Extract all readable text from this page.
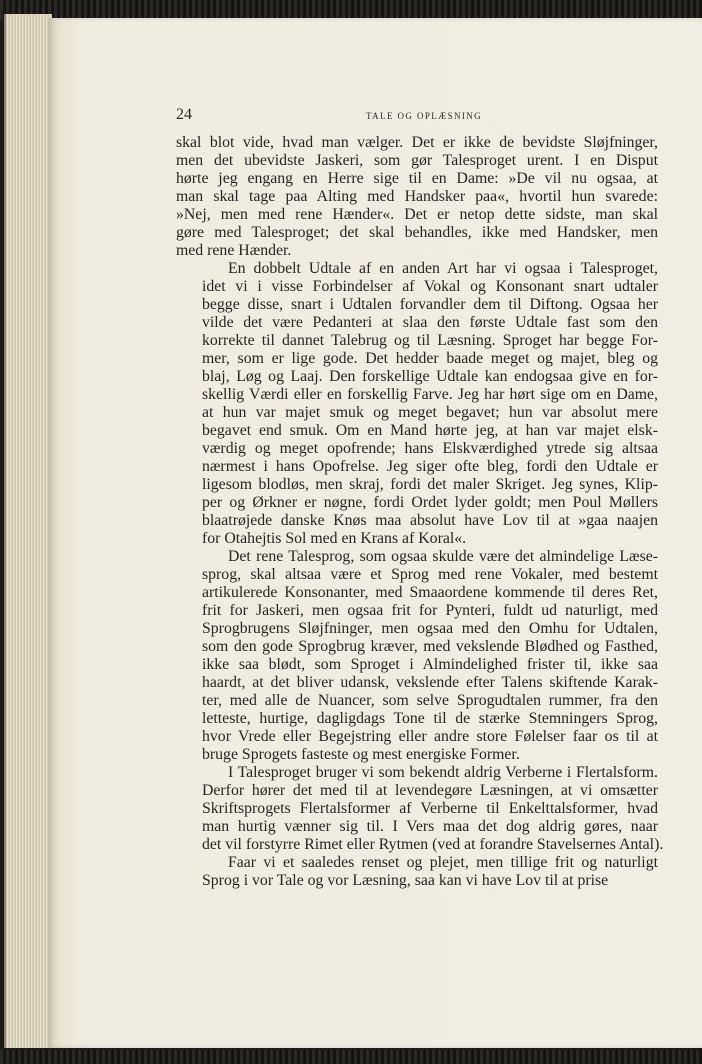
24	TALE OG OPLÆSNING

skal blot vide, hvad man vælger. Det er ikke de bevidste Sløjfninger,
men det ubevidste Jaskeri, som gør Talesproget urent. I en Disput
hørte jeg engang en Herre sige til en Dame: »De vil nu ogsaa, at
man skal tage paa Alting med Handsker paa«, hvortil hun svarede:
»Nej, men med rene Hænder«. Det er netop dette sidste, man skal
gøre med Talesproget; det skal behandles, ikke med Handsker, men
med rene Hænder.

En dobbelt Udtale af en anden Art har vi ogsaa i Talesproget,
idet vi i visse Forbindelser af Vokal og Konsonant snart udtaler
begge disse, snart i Udtalen forvandler dem til Diftong. Ogsaa her
vilde det være Pedanteri at slaa den første Udtale fast som den
korrekte til dannet Talebrug og til Læsning. Sproget har begge For-
mer, som er lige gode. Det hedder baade meget og majet, bleg og
blaj, Løg og Laaj. Den forskellige Udtale kan endogsaa give en for-
skellig Værdi eller en forskellig Farve. Jeg har hørt sige om en Dame,
at hun var majet smuk og meget begavet; hun var absolut mere
begavet end smuk. Om en Mand hørte jeg, at han var majet elsk-
værdig og meget opofrende; hans Elskværdighed ytrede sig altsaa
nærmest i hans Opofrelse. Jeg siger ofte bleg, fordi den Udtale er
ligesom blodløs, men skraj, fordi det maler Skriget. Jeg synes, Klip-
per og Ørkner er nøgne, fordi Ordet lyder goldt; men Poul Møllers
blaatrøjede danske Knøs maa absolut have Lov til at »gaa naajen
for Otahejtis Sol med en Krans af Koral«.

Det rene Talesprog, som ogsaa skulde være det almindelige Læse-
sprog, skal altsaa være et Sprog med rene Vokaler, med bestemt
artikulerede Konsonanter, med Smaaordene kommende til deres Ret,
frit for Jaskeri, men ogsaa frit for Pynteri, fuldt ud naturligt, med
Sprogbrugens Sløjfninger, men ogsaa med den Omhu for Udtalen,
som den gode Sprogbrug kræver, med vekslende Blødhed og Fasthed,
ikke saa blødt, som Sproget i Almindelighed frister til, ikke saa
haardt, at det bliver udansk, vekslende efter Talens skiftende Karak-
ter, med alle de Nuancer, som selve Sprogudtalen rummer, fra den
letteste, hurtige, dagligdags Tone til de stærke Stemningers Sprog,
hvor Vrede eller Begejstring eller andre store Følelser faar os til at
bruge Sprogets fasteste og mest energiske Former.

I Talesproget bruger vi som bekendt aldrig Verberne i Flertalsform.
Derfor hører det med til at levendegøre Læsningen, at vi omsætter
Skriftsprogets Flertalsformer af Verberne til Enkelttalsformer, hvad
man hurtig vænner sig til. I Vers maa det dog aldrig gøres, naar
det vil forstyrre Rimet eller Rytmen (ved at forandre Stavelsernes Antal).

Faar vi et saaledes renset og plejet, men tillige frit og naturligt
Sprog i vor Tale og vor Læsning, saa kan vi have Lov til at prise
